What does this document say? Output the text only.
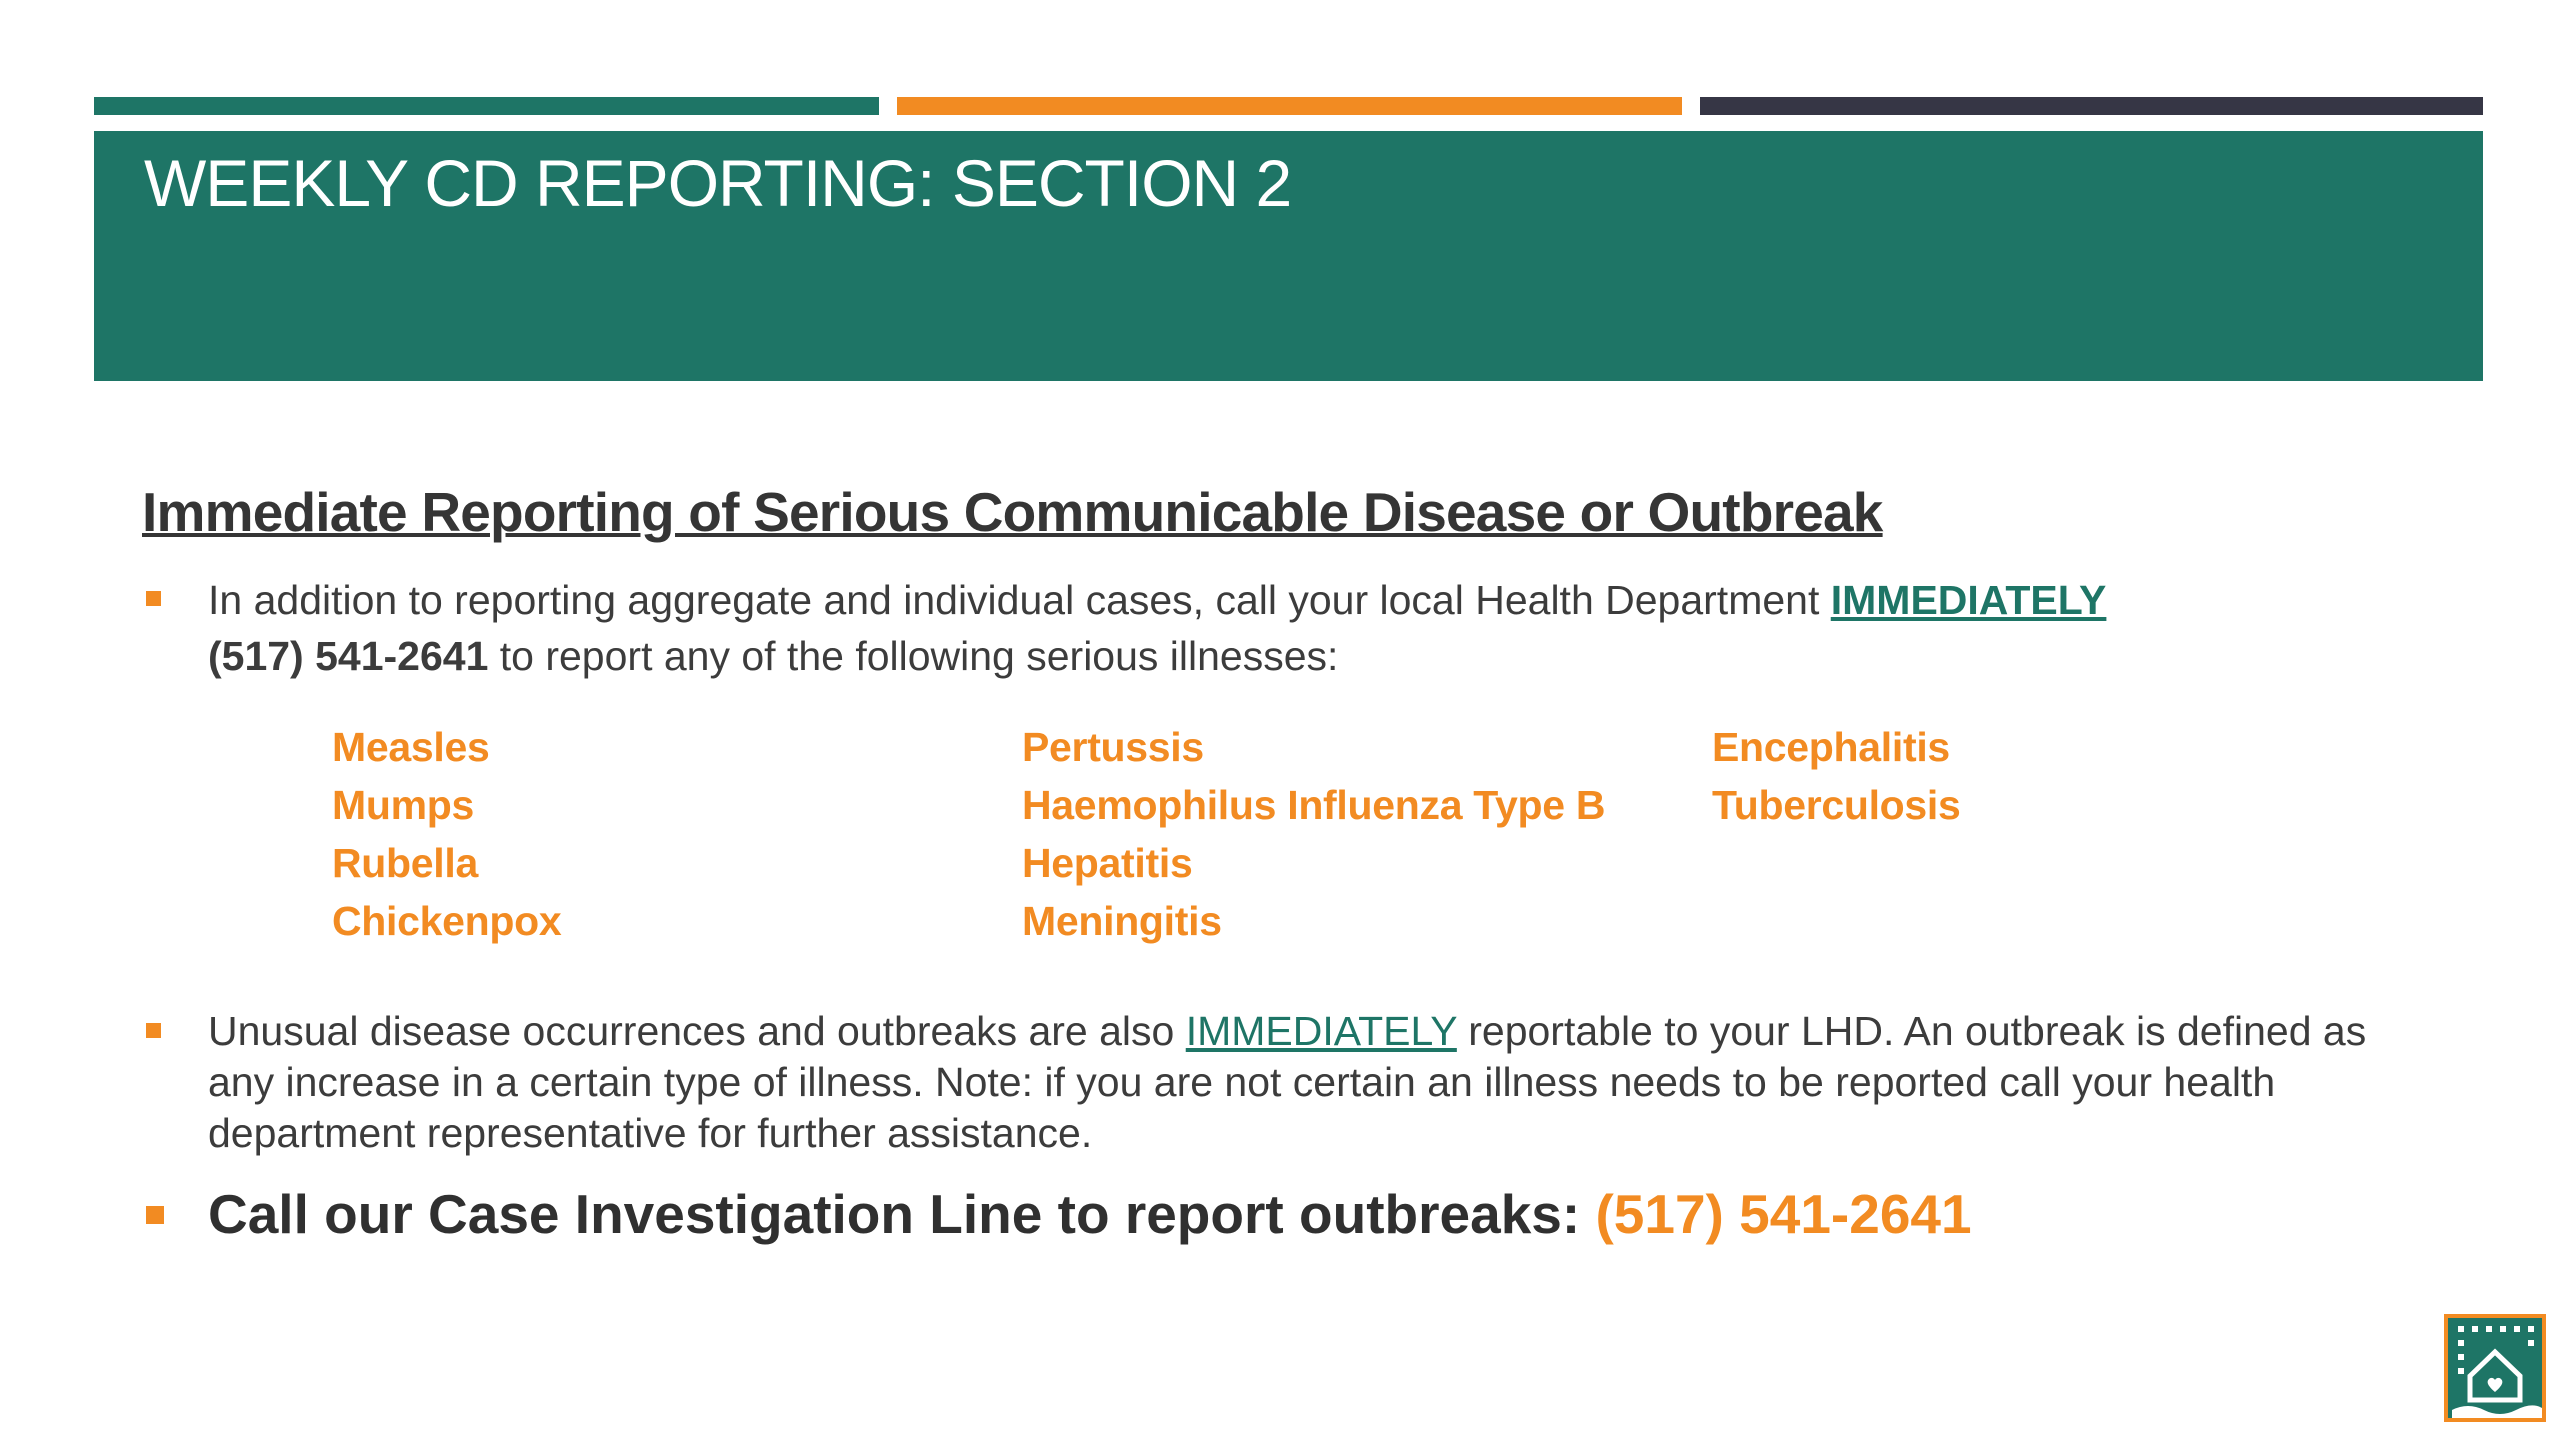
WEEKLY CD REPORTING: SECTION 2
Immediate Reporting of Serious Communicable Disease or Outbreak
In addition to reporting aggregate and individual cases, call your local Health Department IMMEDIATELY
(517) 541-2641 to report any of the following serious illnesses:
Measles
Mumps
Rubella
Chickenpox
Pertussis
Haemophilus Influenza Type B
Hepatitis
Meningitis
Encephalitis
Tuberculosis
Unusual disease occurrences and outbreaks are also IMMEDIATELY reportable to your LHD. An outbreak is defined as any increase in a certain type of illness. Note: if you are not certain an illness needs to be reported call your health department representative for further assistance.
Call our Case Investigation Line to report outbreaks: (517) 541-2641
